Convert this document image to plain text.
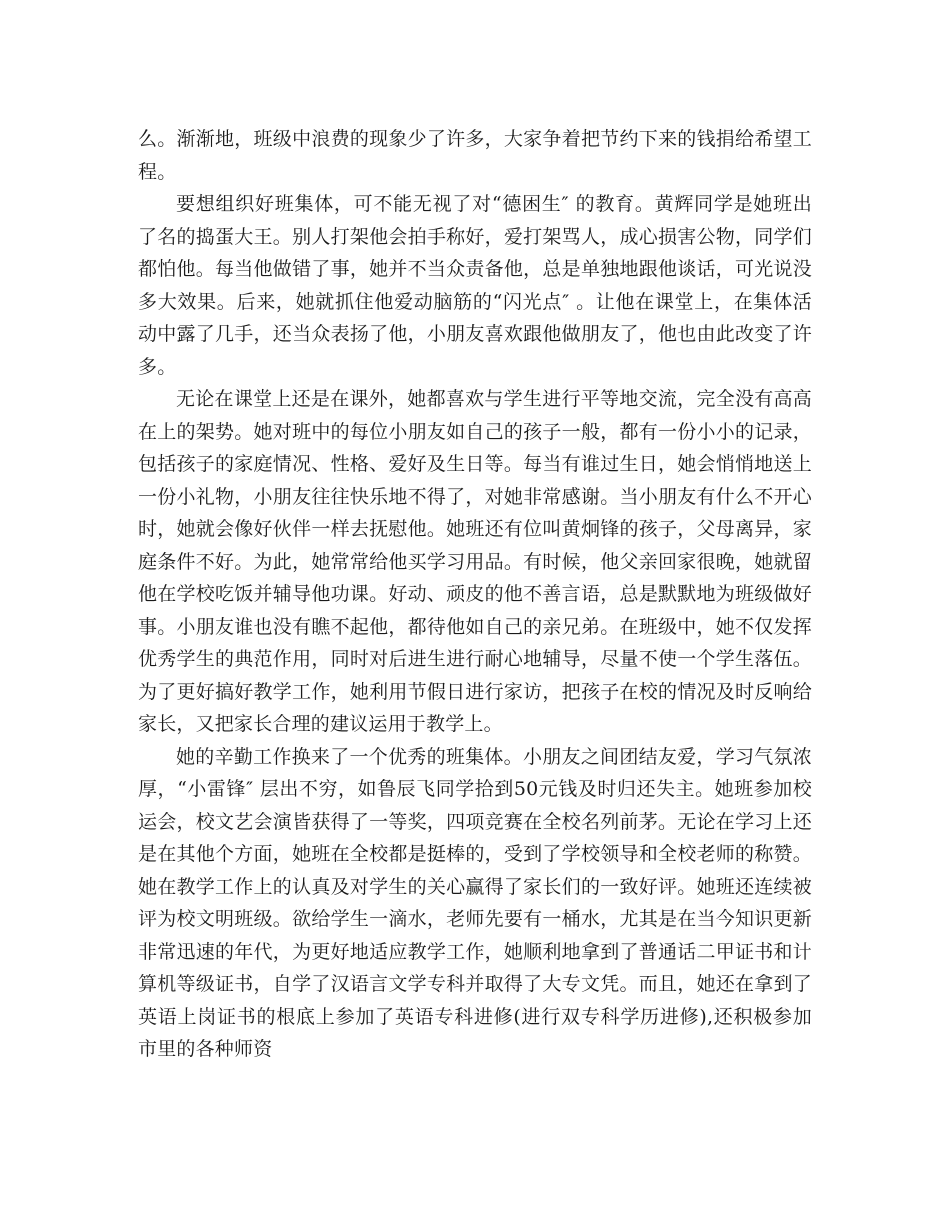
么。渐渐地，班级中浪费的现象少了许多，大家争着把节约下来的钱捐给希望工程。

要想组织好班集体，可不能无视了对“德困生″ 的教育。黄辉同学是她班出了名的捣蛋大王。别人打架他会拍手称好，爱打架骂人，成心损害公物，同学们都怕他。每当他做错了事，她并不当众责备他，总是单独地跟他谈话，可光说没多大效果。后来，她就抓住他爱动脑筋的“闪光点″ 。让他在课堂上，在集体活动中露了几手，还当众表扬了他，小朋友喜欢跟他做朋友了，他也由此改变了许多。

无论在课堂上还是在课外，她都喜欢与学生进行平等地交流，完全没有高高在上的架势。她对班中的每位小朋友如自己的孩子一般，都有一份小小的记录，包括孩子的家庭情况、性格、爱好及生日等。每当有谁过生日，她会悄悄地送上一份小礼物，小朋友往往快乐地不得了，对她非常感谢。当小朋友有什么不开心时，她就会像好伙伴一样去抚慰他。她班还有位叫黄炯锋的孩子，父母离异，家庭条件不好。为此，她常常给他买学习用品。有时候，他父亲回家很晚，她就留他在学校吃饭并辅导他功课。好动、顽皮的他不善言语，总是默默地为班级做好事。小朋友谁也没有瞧不起他，都待他如自己的亲兄弟。在班级中，她不仅发挥优秀学生的典范作用，同时对后进生进行耐心地辅导，尽量不使一个学生落伍。为了更好搞好教学工作，她利用节假日进行家访，把孩子在校的情况及时反响给家长，又把家长合理的建议运用于教学上。

她的辛勤工作换来了一个优秀的班集体。小朋友之间团结友爱，学习气氛浓厚，“小雷锋″ 层出不穷，如鲁辰飞同学拾到50元钱及时归还失主。她班参加校运会，校文艺会演皆获得了一等奖，四项竞赛在全校名列前茅。无论在学习上还是在其他个方面，她班在全校都是挺棒的，受到了学校领导和全校老师的称赞。她在教学工作上的认真及对学生的关心赢得了家长们的一致好评。她班还连续被评为校文明班级。欲给学生一滴水，老师先要有一桶水，尤其是在当今知识更新非常迅速的年代，为更好地适应教学工作，她顺利地拿到了普通话二甲证书和计算机等级证书，自学了汉语言文学专科并取得了大专文凭。而且，她还在拿到了英语上岗证书的根底上参加了英语专科进修(进行双专科学历进修),还积极参加市里的各种师资
